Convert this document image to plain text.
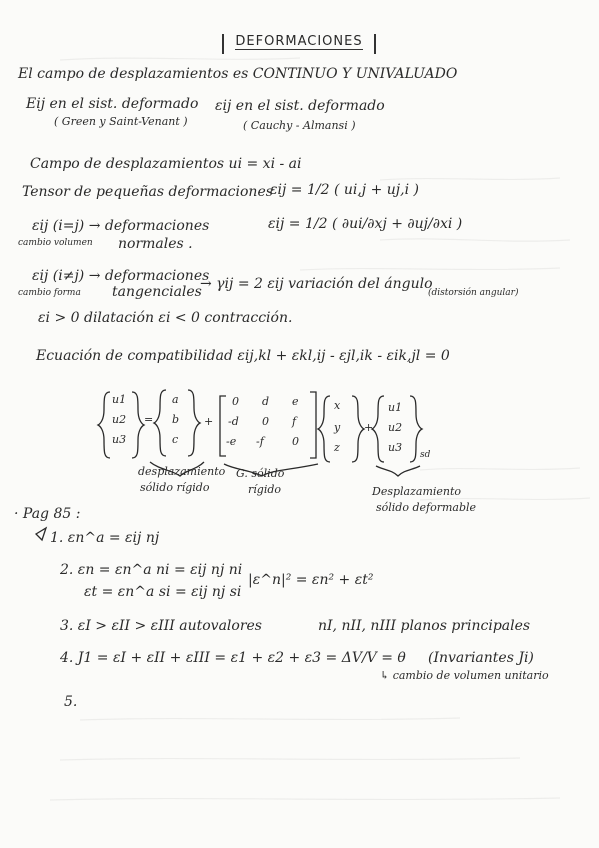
DEFORMACIONES
El campo de desplazamientos es CONTINUO Y UNIVALUADO
Eij en el sist. deformado εij en el sist. deformado
( Green y Saint-Venant )	( Cauchy - Almansi )
Campo de desplazamientos ui = xi - ai
Tensor de pequeñas deformaciones
εij = 1/2 ( ui,j + uj,i )
εij (i=j) → deformaciones
normales .
cambio volumen
εij = 1/2 ( ∂ui/∂xj + ∂uj/∂xi )
εij (i≠j) → deformaciones
tangenciales
→ γij = 2 εij variación del ángulo
(distorsión angular)
cambio forma
εi > 0 dilatación εi < 0 contracción.
Ecuación de compatibilidad εij,kl + εkl,ij - εjl,ik - εik,jl = 0
u1
u2
u3
=
a
b
c
+
0 d e
-d 0 f
-e -f	0
x
y
z
+
u1
u2
u3
sd
desplazamiento
sólido rígido
G. sólido
rígido	Desplazamiento
sólido deformable
· Pag 85 :
1. εn^a = εij nj
2. εn = εn^a ni = εij nj ni
εt = εn^a si = εij nj si
|ε^n|² = εn² + εt²
3. εI > εII > εIII autovalores	nI, nII, nIII planos principales
4. J1 = εI + εII + εIII = ε1 + ε2 + ε3 = ΔV/V = θ (Invariantes Ji)
↳ cambio de volumen unitario
5.
